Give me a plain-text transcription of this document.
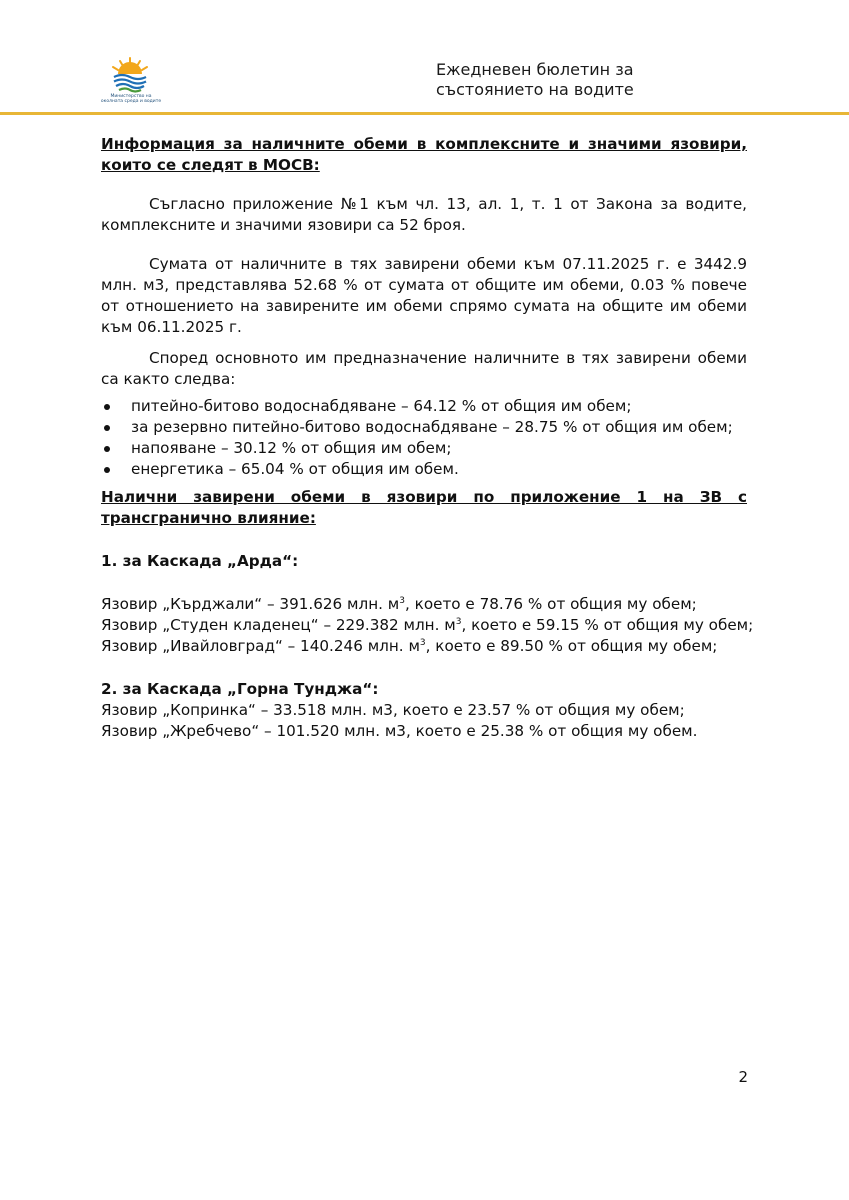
Министерство на
околната среда и водите
Ежедневен бюлетин за
състоянието на водите

Информация за наличните обеми в комплексните и значими язовири, които се следят в МОСВ:

Съгласно приложение №1 към чл. 13, ал. 1, т. 1 от Закона за водите, комплексните и значими язовири са 52 броя.

Сумата от наличните в тях завирени обеми към 07.11.2025 г. е 3442.9 млн. м3, представлява 52.68 % от сумата от общите им обеми, 0.03 % повече от отношението на завирените им обеми спрямо сумата на общите им обеми към 06.11.2025 г.

Според основното им предназначение наличните в тях завирени обеми са както следва:

питейно-битово водоснабдяване – 64.12 % от общия им обем;
за резервно питейно-битово водоснабдяване – 28.75 % от общия им обем;
напояване – 30.12 % от общия им обем;
енергетика – 65.04 % от общия им обем.

Налични завирени обеми в язовири по приложение 1 на ЗВ с трансгранично влияние:

1. за Каскада „Арда“:

Язовир „Кърджали“ – 391.626 млн. $м^3$, което е 78.76 % от общия му обем;

Язовир „Студен кладенец“ – 229.382 млн. $м^3$, което е 59.15 % от общия му обем;

Язовир „Ивайловград“ – 140.246 млн. $м^3$, което е 89.50 % от общия му обем;

2. за Каскада „Горна Тунджа“:

Язовир „Копринка“ – 33.518 млн. м3, което е 23.57 % от общия му обем;

Язовир „Жребчево“ – 101.520 млн. м3, което е 25.38 % от общия му обем.

2
